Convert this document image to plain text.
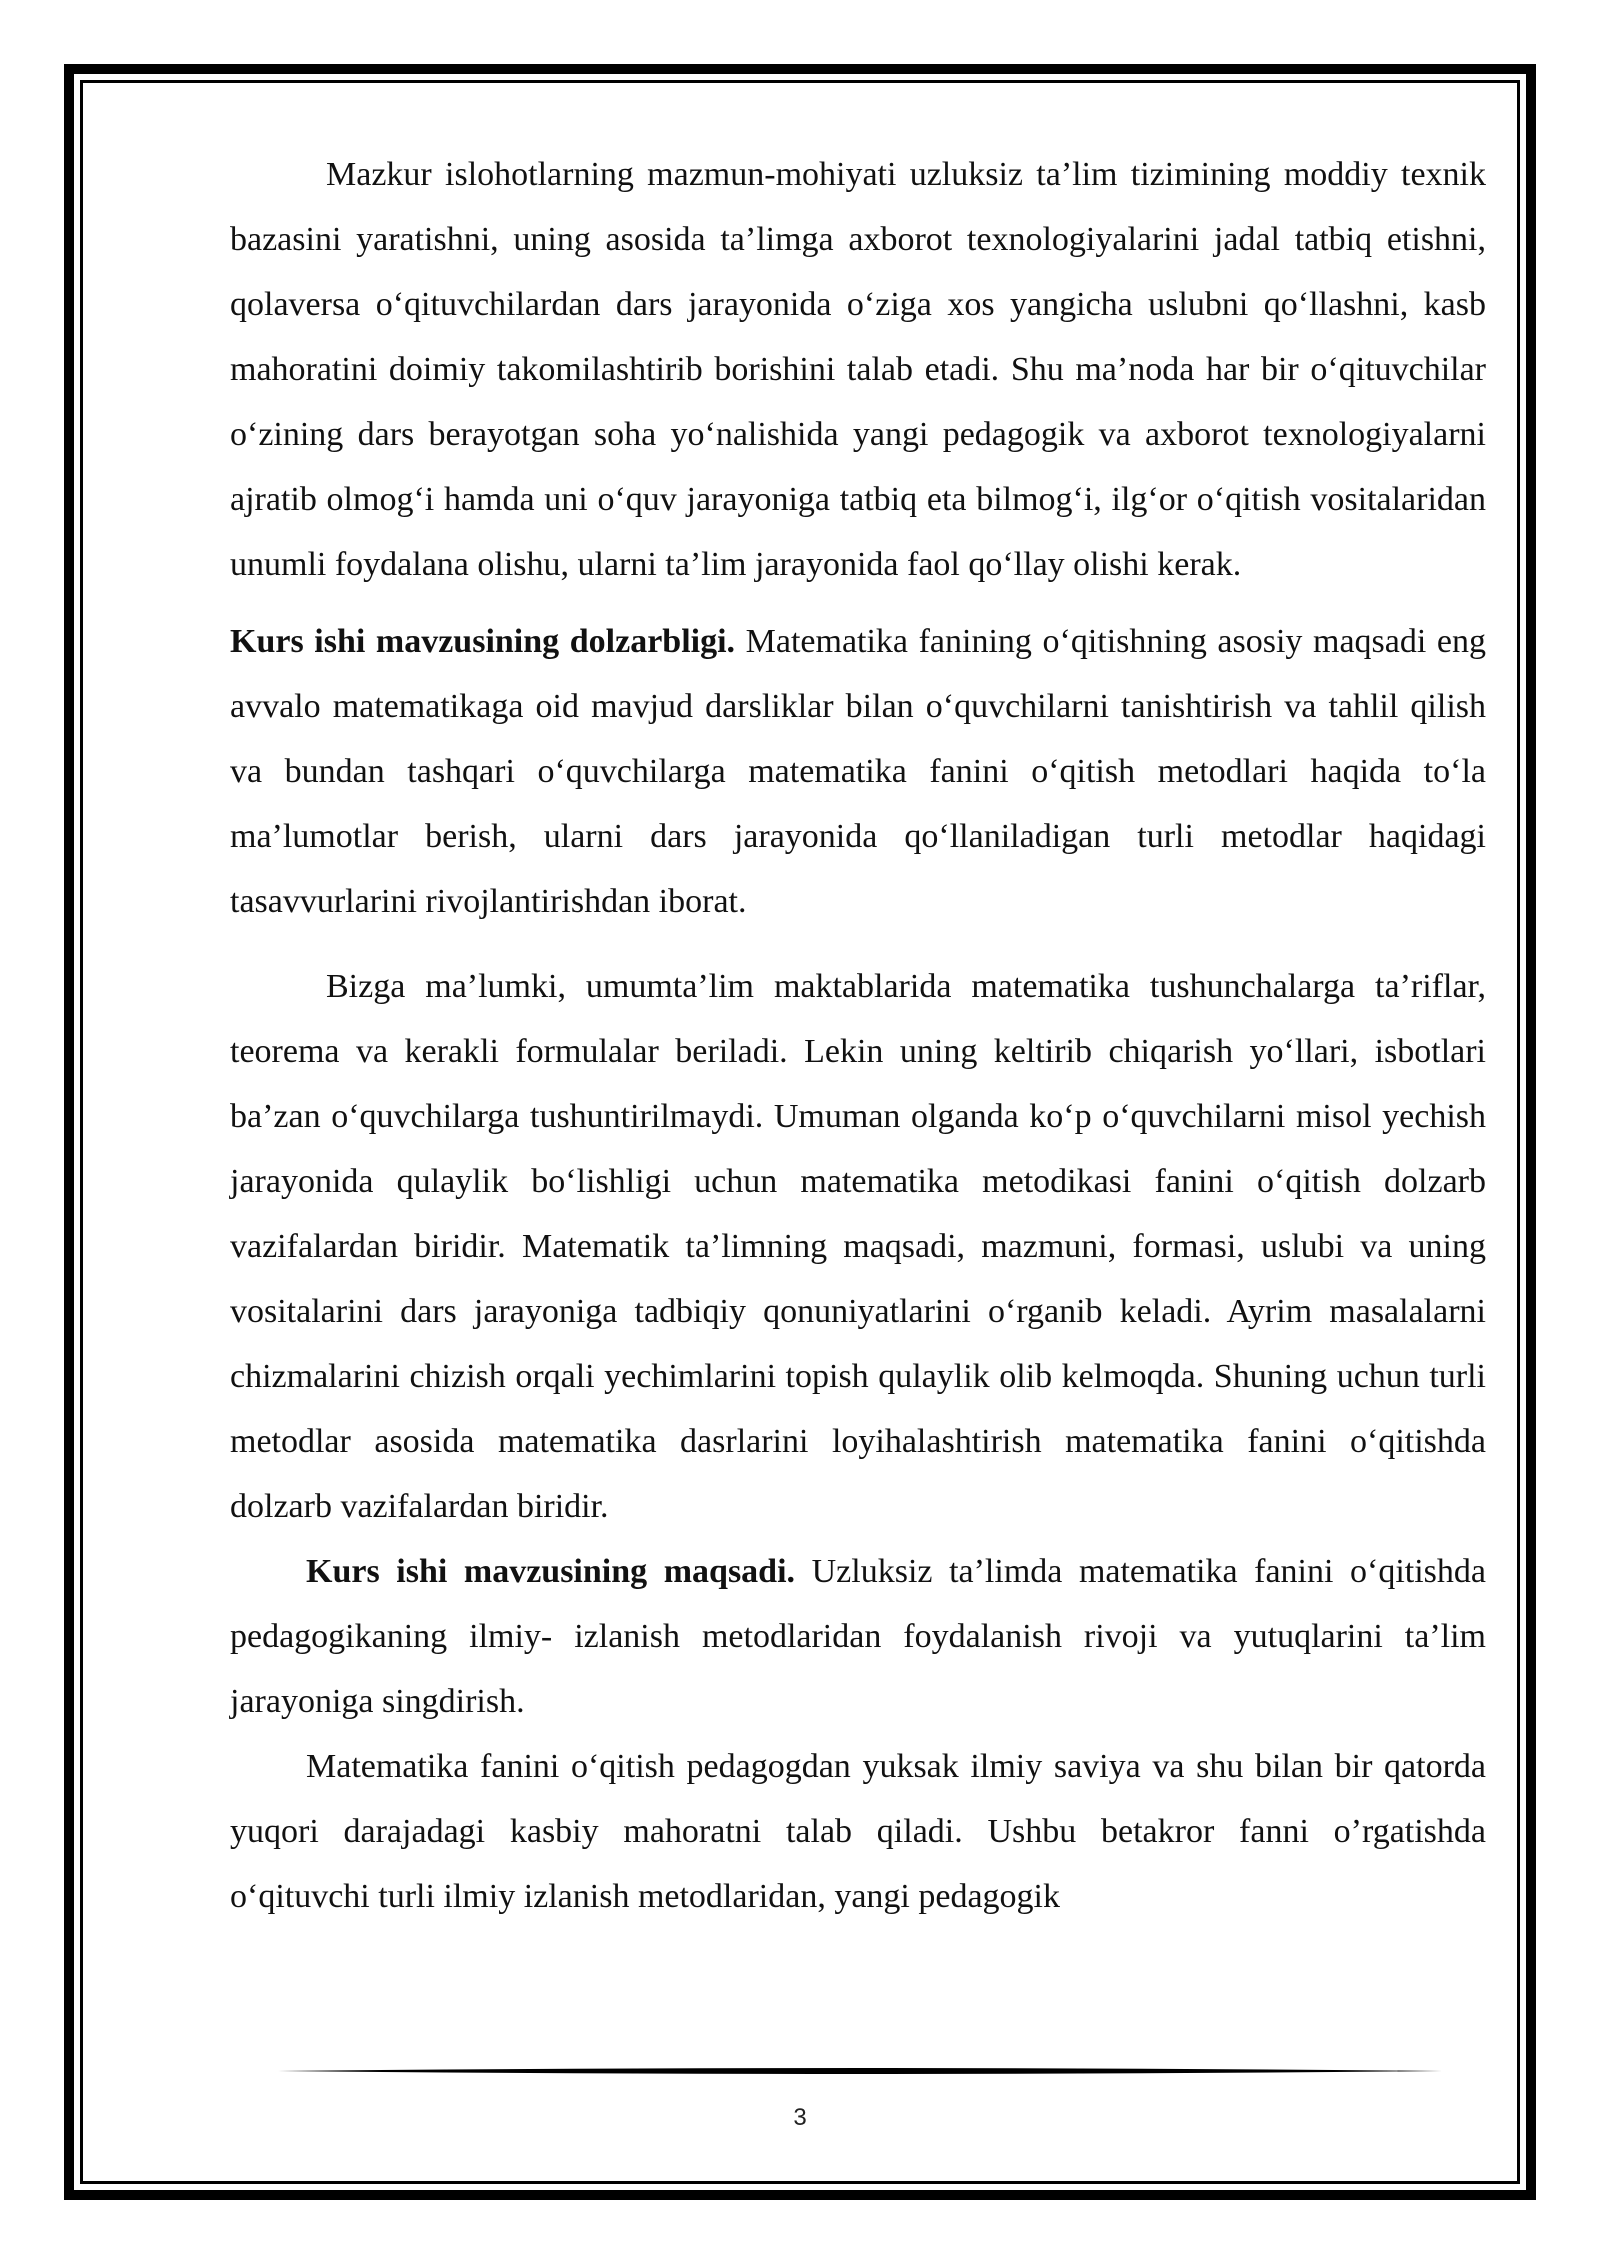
Mazkur islohotlarning mazmun-mohiyati uzluksiz ta’lim tizimining moddiy texnik bazasini yaratishni, uning asosida ta’limga axborot texnologiyalarini jadal tatbiq etishni, qolaversa o‘qituvchilardan dars jarayonida o‘ziga xos yangicha uslubni qo‘llashni, kasb mahoratini doimiy takomilashtirib borishini talab etadi. Shu ma’noda har bir o‘qituvchilar o‘zining dars berayotgan soha yo‘nalishida yangi pedagogik va axborot texnologiyalarni ajratib olmog‘i hamda uni o‘quv jarayoniga tatbiq eta bilmog‘i, ilg‘or o‘qitish vositalaridan unumli foydalana olishu, ularni ta’lim jarayonida faol qo‘llay olishi kerak.

Kurs ishi mavzusining dolzarbligi. Matematika fanining o‘qitishning asosiy maqsadi eng avvalo matematikaga oid mavjud darsliklar bilan o‘quvchilarni tanishtirish va tahlil qilish va bundan tashqari o‘quvchilarga matematika fanini o‘qitish metodlari haqida to‘la ma’lumotlar berish, ularni dars jarayonida qo‘llaniladigan turli metodlar haqidagi tasavvurlarini rivojlantirishdan iborat.

Bizga ma’lumki, umumta’lim maktablarida matematika tushunchalarga ta’riflar, teorema va kerakli formulalar beriladi. Lekin uning keltirib chiqarish yo‘llari, isbotlari ba’zan o‘quvchilarga tushuntirilmaydi. Umuman olganda ko‘p o‘quvchilarni misol yechish jarayonida qulaylik bo‘lishligi uchun matematika metodikasi fanini o‘qitish dolzarb vazifalardan biridir. Matematik ta’limning maqsadi, mazmuni, formasi, uslubi va uning vositalarini dars jarayoniga tadbiqiy qonuniyatlarini o‘rganib keladi. Ayrim masalalarni chizmalarini chizish orqali yechimlarini topish qulaylik olib kelmoqda. Shuning uchun turli metodlar asosida matematika dasrlarini loyihalashtirish matematika fanini o‘qitishda dolzarb vazifalardan biridir.

Kurs ishi mavzusining maqsadi. Uzluksiz ta’limda matematika fanini o‘qitishda pedagogikaning ilmiy- izlanish metodlaridan foydalanish rivoji va yutuqlarini ta’lim jarayoniga singdirish.

Matematika fanini o‘qitish pedagogdan yuksak ilmiy saviya va shu bilan bir qatorda yuqori darajadagi kasbiy mahoratni talab qiladi. Ushbu betakror fanni o’rgatishda o‘qituvchi turli ilmiy izlanish metodlaridan, yangi pedagogik

3
